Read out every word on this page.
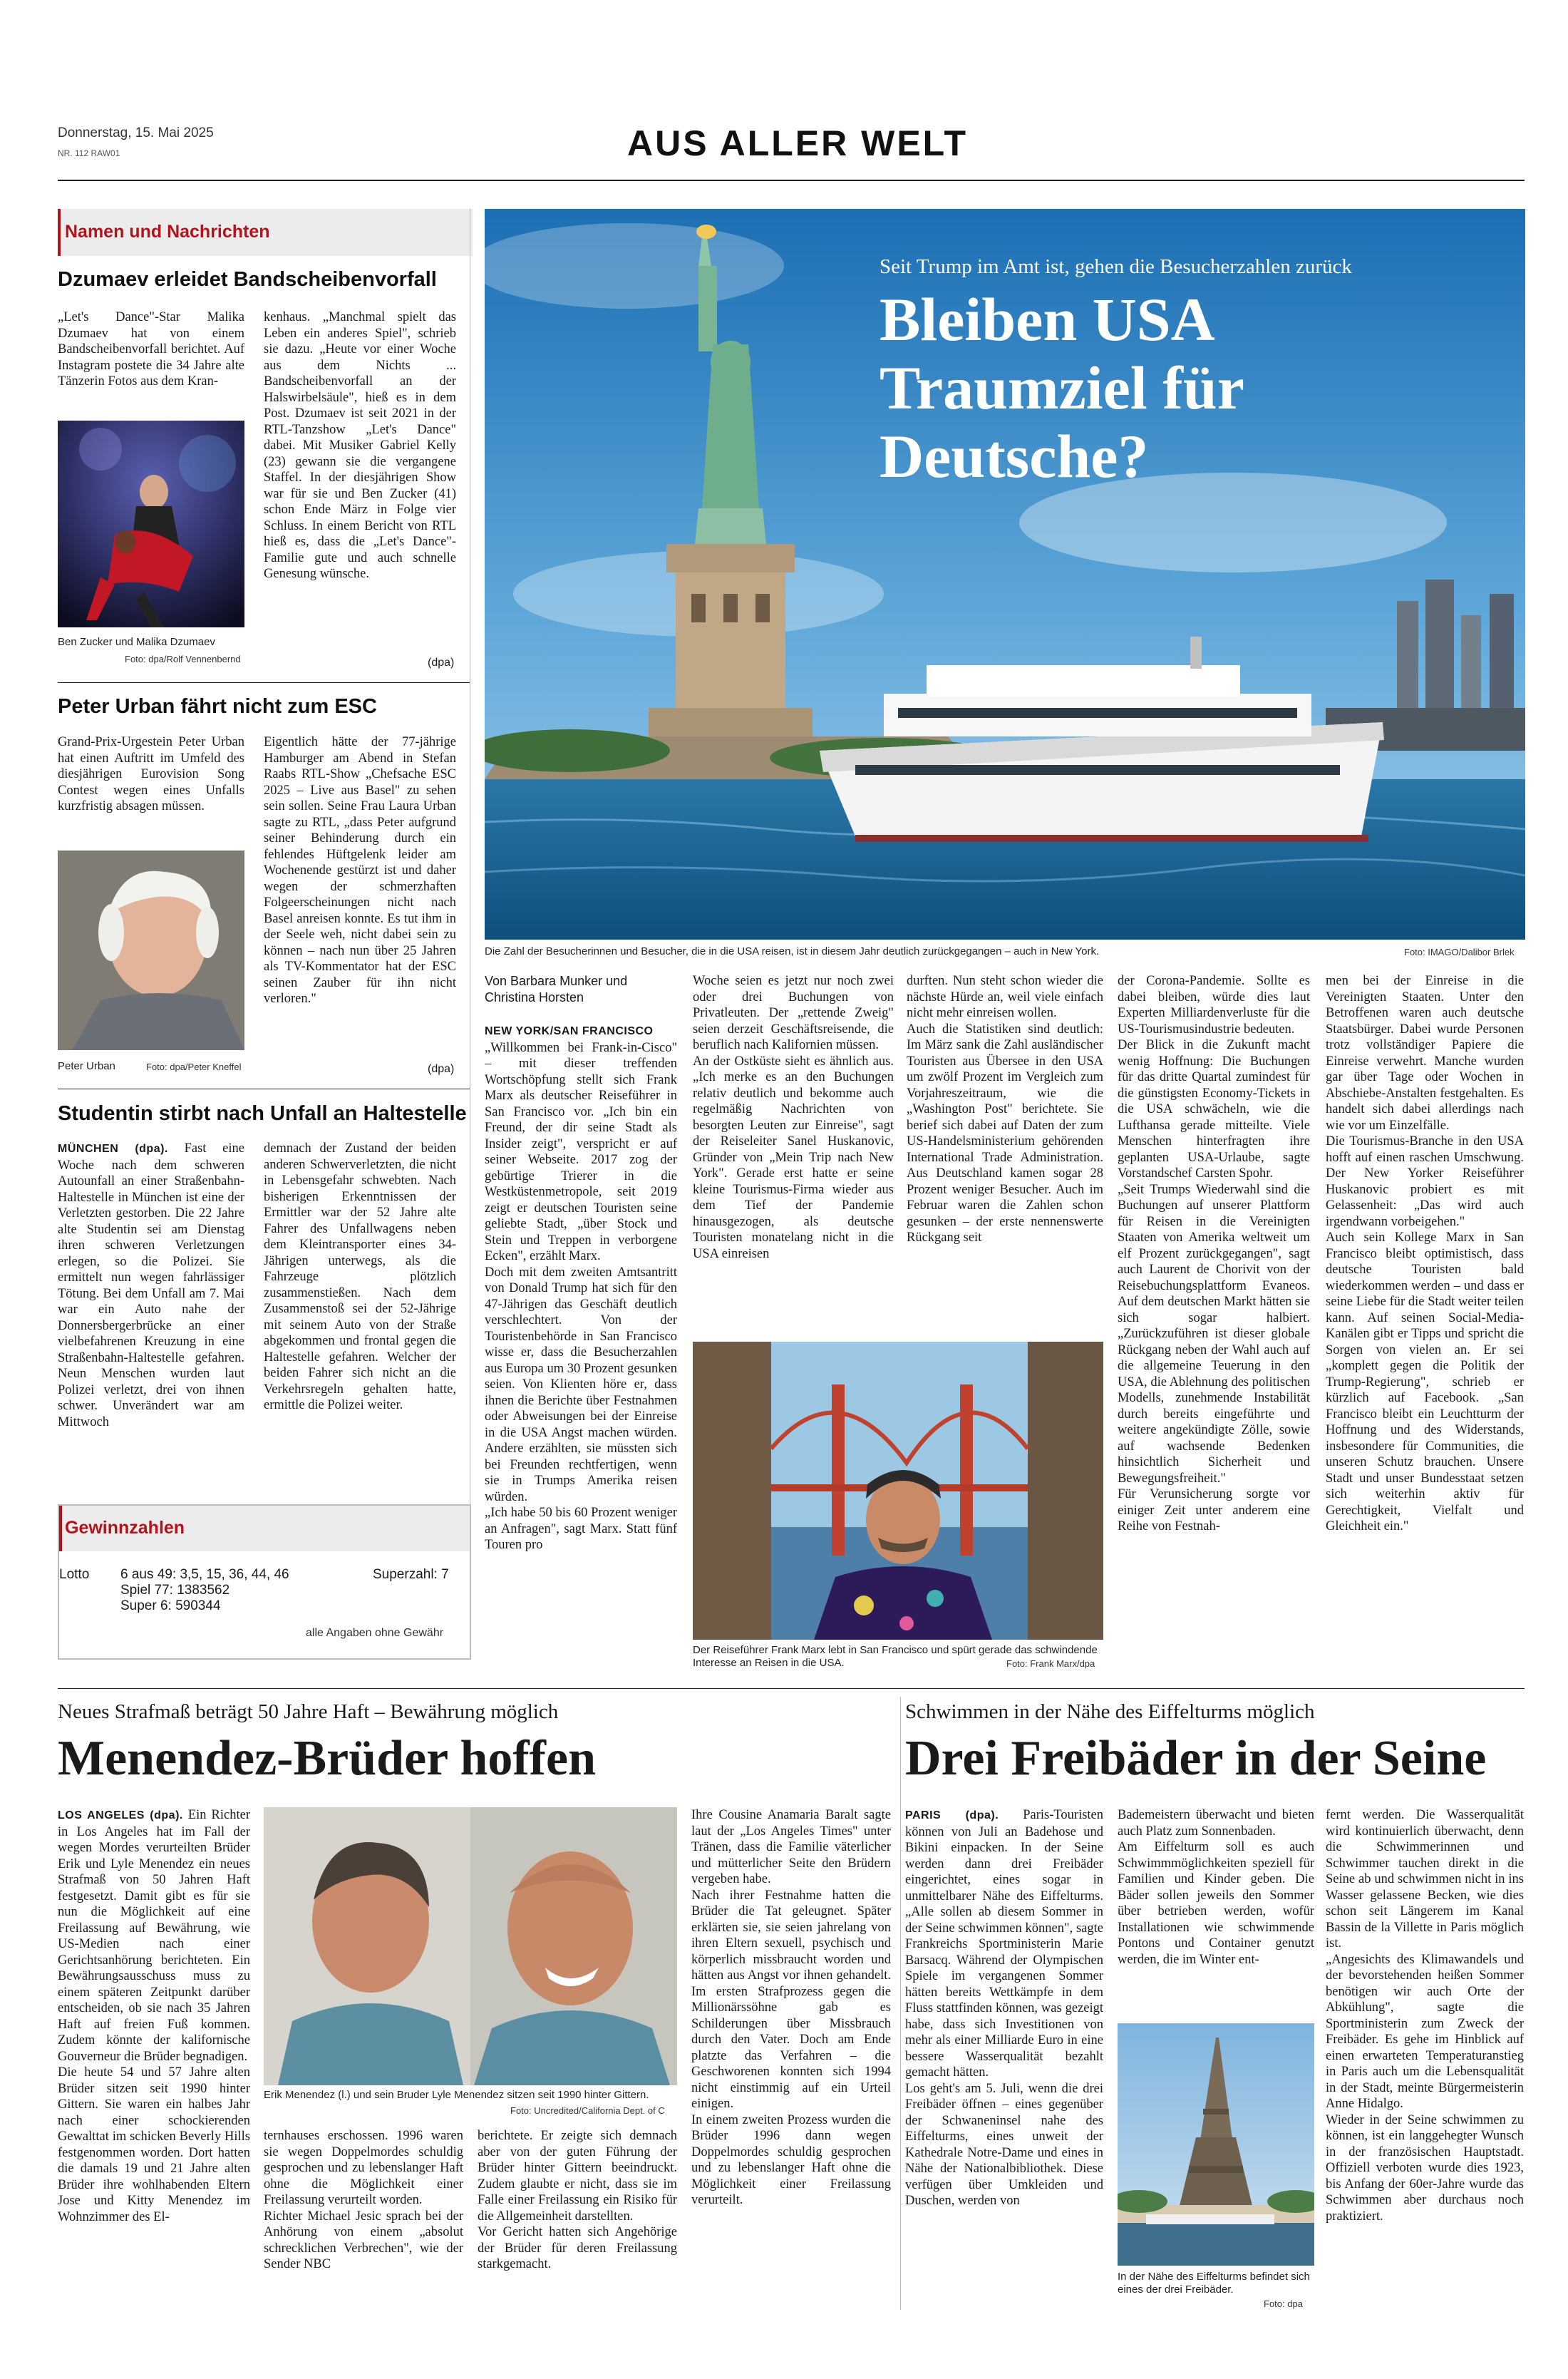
Donnerstag, 15. Mai 2025
NR. 112 RAW01	AUS ALLER WELT
Namen und Nachrichten
Dzumaev erleidet Bandscheibenvorfall

„Let's Dance"-Star Malika Dzumaev hat von einem Bandscheibenvorfall berichtet. Auf Instagram postete die 34 Jahre alte Tänzerin Fotos aus dem Kran-

Ben Zucker und Malika Dzumaev
Foto: dpa/Rolf Vennenbernd

kenhaus. „Manchmal spielt das Leben ein anderes Spiel", schrieb sie dazu. „Heute vor einer Woche aus dem Nichts ... Bandscheibenvorfall an der Halswirbelsäule", hieß es in dem Post. Dzumaev ist seit 2021 in der RTL-Tanzshow „Let's Dance" dabei. Mit Musiker Gabriel Kelly (23) gewann sie die vergangene Staffel. In der diesjährigen Show war für sie und Ben Zucker (41) schon Ende März in Folge vier Schluss. In einem Bericht von RTL hieß es, dass die „Let's Dance"-Familie gute und auch schnelle Genesung wünsche.

(dpa)
Peter Urban fährt nicht zum ESC

Grand-Prix-Urgestein Peter Urban hat einen Auftritt im Umfeld des diesjährigen Eurovision Song Contest wegen eines Unfalls kurzfristig absagen müssen.

Peter Urban	Foto: dpa/Peter Kneffel

Eigentlich hätte der 77-jährige Hamburger am Abend in Stefan Raabs RTL-Show „Chefsache ESC 2025 – Live aus Basel" zu sehen sein sollen. Seine Frau Laura Urban sagte zu RTL, „dass Peter aufgrund seiner Behinderung durch ein fehlendes Hüftgelenk leider am Wochenende gestürzt ist und daher wegen der schmerzhaften Folgeerscheinungen nicht nach Basel anreisen konnte. Es tut ihm in der Seele weh, nicht dabei sein zu können – nach nun über 25 Jahren als TV-Kommentator hat der ESC seinen Zauber für ihn nicht verloren."

(dpa)
Studentin stirbt nach Unfall an Haltestelle

MÜNCHEN (dpa). Fast eine Woche nach dem schweren Autounfall an einer Straßenbahn-Haltestelle in München ist eine der Verletzten gestorben. Die 22 Jahre alte Studentin sei am Dienstag ihren schweren Verletzungen erlegen, so die Polizei. Sie ermittelt nun wegen fahrlässiger Tötung. Bei dem Unfall am 7. Mai war ein Auto nahe der Donnersbergerbrücke an einer vielbefahrenen Kreuzung in eine Straßenbahn-Haltestelle gefahren. Neun Menschen wurden laut Polizei verletzt, drei von ihnen schwer. Unverändert war am Mittwoch

demnach der Zustand der beiden anderen Schwerverletzten, die nicht in Lebensgefahr schwebten. Nach bisherigen Erkenntnissen der Ermittler war der 52 Jahre alte Fahrer des Unfallwagens neben dem Kleintransporter eines 34-Jährigen unterwegs, als die Fahrzeuge plötzlich zusammenstießen. Nach dem Zusammenstoß sei der 52-Jährige mit seinem Auto von der Straße abgekommen und frontal gegen die Haltestelle gefahren. Welcher der beiden Fahrer sich nicht an die Verkehrsregeln gehalten hatte, ermittle die Polizei weiter.

Gewinnzahlen
Lotto 6 aus 49: 3,5, 15, 36, 44, 46	Superzahl: 7
Spiel 77: 1383562
Super 6: 590344
alle Angaben ohne Gewähr
Seit Trump im Amt ist, gehen die Besucherzahlen zurück
Bleiben USA
Traumziel für
Deutsche?
Die Zahl der Besucherinnen und Besucher, die in die USA reisen, ist in diesem Jahr deutlich zurückgegangen – auch in New York.	Foto: IMAGO/Dalibor Brlek
Von Barbara Munker und Christina Horsten

NEW YORK/SAN FRANCISCO

„Willkommen bei Frank-in-Cisco" – mit dieser treffenden Wortschöpfung stellt sich Frank Marx als deutscher Reiseführer in San Francisco vor. „Ich bin ein Freund, der dir seine Stadt als Insider zeigt", verspricht er auf seiner Webseite. 2017 zog der gebürtige Trierer in die Westküstenmetropole, seit 2019 zeigt er deutschen Touristen seine geliebte Stadt, „über Stock und Stein und Treppen in verborgene Ecken", erzählt Marx.
Doch mit dem zweiten Amtsantritt von Donald Trump hat sich für den 47-Jährigen das Geschäft deutlich verschlechtert. Von der Touristenbehörde in San Francisco wisse er, dass die Besucherzahlen aus Europa um 30 Prozent gesunken seien. Von Klienten höre er, dass ihnen die Berichte über Festnahmen oder Abweisungen bei der Einreise in die USA Angst machen würden. Andere erzählten, sie müssten sich bei Freunden rechtfertigen, wenn sie in Trumps Amerika reisen würden.
„Ich habe 50 bis 60 Prozent weniger an Anfragen", sagt Marx. Statt fünf Touren pro

Woche seien es jetzt nur noch zwei oder drei Buchungen von Privatleuten. Der „rettende Zweig" seien derzeit Geschäftsreisende, die beruflich nach Kalifornien müssen.
An der Ostküste sieht es ähnlich aus. „Ich merke es an den Buchungen relativ deutlich und bekomme auch regelmäßig Nachrichten von besorgten Leuten zur Einreise", sagt der Reiseleiter Sanel Huskanovic, Gründer von „Mein Trip nach New York". Gerade erst hatte er seine kleine Tourismus-Firma wieder aus dem Tief der Pandemie hinausgezogen, als deutsche Touristen monatelang nicht in die USA einreisen

durften. Nun steht schon wieder die nächste Hürde an, weil viele einfach nicht mehr einreisen wollen.
Auch die Statistiken sind deutlich: Im März sank die Zahl ausländischer Touristen aus Übersee in den USA um zwölf Prozent im Vergleich zum Vorjahreszeitraum, wie die „Washington Post" berichtete. Sie berief sich dabei auf Daten der zum US-Handelsministerium gehörenden International Trade Administration. Aus Deutschland kamen sogar 28 Prozent weniger Besucher. Auch im Februar waren die Zahlen schon gesunken – der erste nennenswerte Rückgang seit

Der Reiseführer Frank Marx lebt in San Francisco und spürt gerade das schwindende Interesse an Reisen in die USA.	Foto: Frank Marx/dpa

der Corona-Pandemie. Sollte es dabei bleiben, würde dies laut Experten Milliardenverluste für die US-Tourismusindustrie bedeuten.
Der Blick in die Zukunft macht wenig Hoffnung: Die Buchungen für das dritte Quartal zumindest für die günstigsten Economy-Tickets in die USA schwächeln, wie die Lufthansa gerade mitteilte. Viele Menschen hinterfragten ihre geplanten USA-Urlaube, sagte Vorstandschef Carsten Spohr.
„Seit Trumps Wiederwahl sind die Buchungen auf unserer Plattform für Reisen in die Vereinigten Staaten von Amerika weltweit um elf Prozent zurückgegangen", sagt auch Laurent de Chorivit von der Reisebuchungsplattform Evaneos. Auf dem deutschen Markt hätten sie sich sogar halbiert. „Zurückzuführen ist dieser globale Rückgang neben der Wahl auch auf die allgemeine Teuerung in den USA, die Ablehnung des politischen Modells, zunehmende Instabilität durch bereits eingeführte und weitere angekündigte Zölle, sowie auf wachsende Bedenken hinsichtlich Sicherheit und Bewegungsfreiheit."
Für Verunsicherung sorgte vor einiger Zeit unter anderem eine Reihe von Festnah-

men bei der Einreise in die Vereinigten Staaten. Unter den Betroffenen waren auch deutsche Staatsbürger. Dabei wurde Personen trotz vollständiger Papiere die Einreise verwehrt. Manche wurden gar über Tage oder Wochen in Abschiebe-Anstalten festgehalten. Es handelt sich dabei allerdings nach wie vor um Einzelfälle.
Die Tourismus-Branche in den USA hofft auf einen raschen Umschwung. Der New Yorker Reiseführer Huskanovic probiert es mit Gelassenheit: „Das wird auch irgendwann vorbeigehen."
Auch sein Kollege Marx in San Francisco bleibt optimistisch, dass deutsche Touristen bald wiederkommen werden – und dass er seine Liebe für die Stadt weiter teilen kann. Auf seinen Social-Media-Kanälen gibt er Tipps und spricht die Sorgen von vielen an. Er sei „komplett gegen die Politik der Trump-Regierung", schrieb er kürzlich auf Facebook. „San Francisco bleibt ein Leuchtturm der Hoffnung und des Widerstands, insbesondere für Communities, die unseren Schutz brauchen. Unsere Stadt und unser Bundesstaat setzen sich weiterhin aktiv für Gerechtigkeit, Vielfalt und Gleichheit ein."

Neues Strafmaß beträgt 50 Jahre Haft – Bewährung möglich
Menendez-Brüder hoffen

LOS ANGELES (dpa). Ein Richter in Los Angeles hat im Fall der wegen Mordes verurteilten Brüder Erik und Lyle Menendez ein neues Strafmaß von 50 Jahren Haft festgesetzt. Damit gibt es für sie nun die Möglichkeit auf eine Freilassung auf Bewährung, wie US-Medien nach einer Gerichtsanhörung berichteten. Ein Bewährungsausschuss muss zu einem späteren Zeitpunkt darüber entscheiden, ob sie nach 35 Jahren Haft auf freien Fuß kommen. Zudem könnte der kalifornische Gouverneur die Brüder begnadigen.
Die heute 54 und 57 Jahre alten Brüder sitzen seit 1990 hinter Gittern. Sie waren ein halbes Jahr nach einer schockierenden Gewalttat im schicken Beverly Hills festgenommen worden. Dort hatten die damals 19 und 21 Jahre alten Brüder ihre wohlhabenden Eltern Jose und Kitty Menendez im Wohnzimmer des El-

Erik Menendez (l.) und sein Bruder Lyle Menendez sitzen seit 1990 hinter Gittern.
Foto: Uncredited/California Dept. of C

ternhauses erschossen. 1996 waren sie wegen Doppelmordes schuldig gesprochen und zu lebenslanger Haft ohne die Möglichkeit einer Freilassung verurteilt worden.
Richter Michael Jesic sprach bei der Anhörung von einem „absolut schrecklichen Verbrechen", wie der Sender NBC

berichtete. Er zeigte sich demnach aber von der guten Führung der Brüder hinter Gittern beeindruckt. Zudem glaubte er nicht, dass sie im Falle einer Freilassung ein Risiko für die Allgemeinheit darstellten.
Vor Gericht hatten sich Angehörige der Brüder für deren Freilassung starkgemacht.

Ihre Cousine Anamaria Baralt sagte laut der „Los Angeles Times" unter Tränen, dass die Familie väterlicher und mütterlicher Seite den Brüdern vergeben habe.
Nach ihrer Festnahme hatten die Brüder die Tat geleugnet. Später erklärten sie, sie seien jahrelang von ihren Eltern sexuell, psychisch und körperlich missbraucht worden und hätten aus Angst vor ihnen gehandelt. Im ersten Strafprozess gegen die Millionärssöhne gab es Schilderungen über Missbrauch durch den Vater. Doch am Ende platzte das Verfahren – die Geschworenen konnten sich 1994 nicht einstimmig auf ein Urteil einigen.
In einem zweiten Prozess wurden die Brüder 1996 dann wegen Doppelmordes schuldig gesprochen und zu lebenslanger Haft ohne die Möglichkeit einer Freilassung verurteilt.

Schwimmen in der Nähe des Eiffelturms möglich
Drei Freibäder in der Seine

PARIS (dpa). Paris-Touristen können von Juli an Badehose und Bikini einpacken. In der Seine werden dann drei Freibäder eingerichtet, eines sogar in unmittelbarer Nähe des Eiffelturms. „Alle sollen ab diesem Sommer in der Seine schwimmen können", sagte Frankreichs Sportministerin Marie Barsacq. Während der Olympischen Spiele im vergangenen Sommer hätten bereits Wettkämpfe in dem Fluss stattfinden können, was gezeigt habe, dass sich Investitionen von mehr als einer Milliarde Euro in eine bessere Wasserqualität bezahlt gemacht hätten.
Los geht's am 5. Juli, wenn die drei Freibäder öffnen – eines gegenüber der Schwaneninsel nahe des Eiffelturms, eines unweit der Kathedrale Notre-Dame und eines in Nähe der Nationalbibliothek. Diese verfügen über Umkleiden und Duschen, werden von

Bademeistern überwacht und bieten auch Platz zum Sonnenbaden.
Am Eiffelturm soll es auch Schwimmmöglichkeiten speziell für Familien und Kinder geben. Die Bäder sollen jeweils den Sommer über betrieben werden, wofür Installationen wie schwimmende Pontons und Container genutzt werden, die im Winter ent-

In der Nähe des Eiffelturms befindet sich eines der drei Freibäder.
Foto: dpa

fernt werden. Die Wasserqualität wird kontinuierlich überwacht, denn die Schwimmerinnen und Schwimmer tauchen direkt in die Seine ab und schwimmen nicht in ins Wasser gelassene Becken, wie dies schon seit Längerem im Kanal Bassin de la Villette in Paris möglich ist.
„Angesichts des Klimawandels und der bevorstehenden heißen Sommer benötigen wir auch Orte der Abkühlung", sagte die Sportministerin zum Zweck der Freibäder. Es gehe im Hinblick auf einen erwarteten Temperaturanstieg in Paris auch um die Lebensqualität in der Stadt, meinte Bürgermeisterin Anne Hidalgo.
Wieder in der Seine schwimmen zu können, ist ein langgehegter Wunsch in der französischen Hauptstadt. Offiziell verboten wurde dies 1923, bis Anfang der 60er-Jahre wurde das Schwimmen aber durchaus noch praktiziert.
